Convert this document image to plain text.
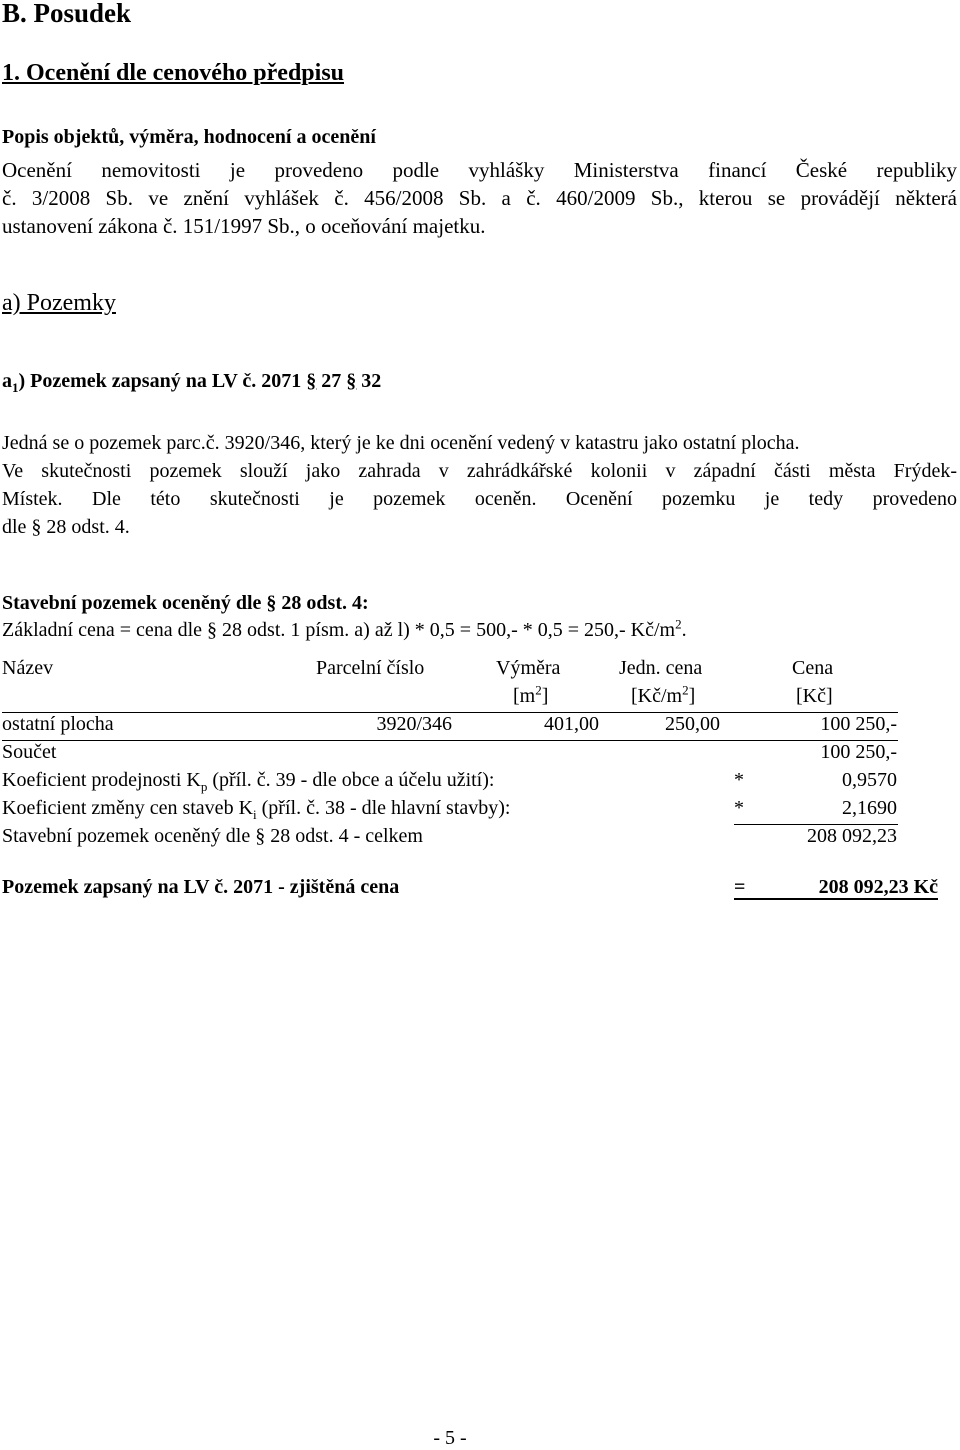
B. Posudek
1. Ocenění dle cenového předpisu
Popis objektů, výměra, hodnocení a ocenění
Ocenění nemovitosti je provedeno podle vyhlášky Ministerstva financí České republiky
č. 3/2008 Sb. ve znění vyhlášek č. 456/2008 Sb. a č. 460/2009 Sb., kterou se provádějí některá
ustanovení zákona č. 151/1997 Sb., o oceňování majetku.
a) Pozemky
$a_1$) Pozemek zapsaný na LV č. 2071 § 27 § 32
Jedná se o pozemek parc.č. 3920/346, který je ke dni ocenění vedený v katastru jako ostatní plocha.
Ve skutečnosti pozemek slouží jako zahrada v zahrádkářské kolonii v západní části města Frýdek-
Místek. Dle této skutečnosti je pozemek oceněn. Ocenění pozemku je tedy provedeno
dle § 28 odst. 4.
Stavební pozemek oceněný dle § 28 odst. 4:
Základní cena = cena dle § 28 odst. 1 písm. a) až l) * 0,5 = 500,- * 0,5 = 250,- $Kč/m^2$.
Název	Parcelní číslo	Výměra	Jedn. cena	Cena
$[m^2]$	$[Kč/m^2]$	[Kč]
ostatní plocha	3920/346	401,00	250,00	100 250,-
Součet	100 250,-
Koeficient prodejnosti $K_p$ (příl. č. 39 - dle obce a účelu užití):	*	0,9570
Koeficient změny cen staveb $K_i$ (příl. č. 38 - dle hlavní stavby):	*	2,1690
Stavební pozemek oceněný dle § 28 odst. 4 - celkem	208 092,23
Pozemek zapsaný na LV č. 2071 - zjištěná cena	=	208 092,23 Kč
- 5 -
